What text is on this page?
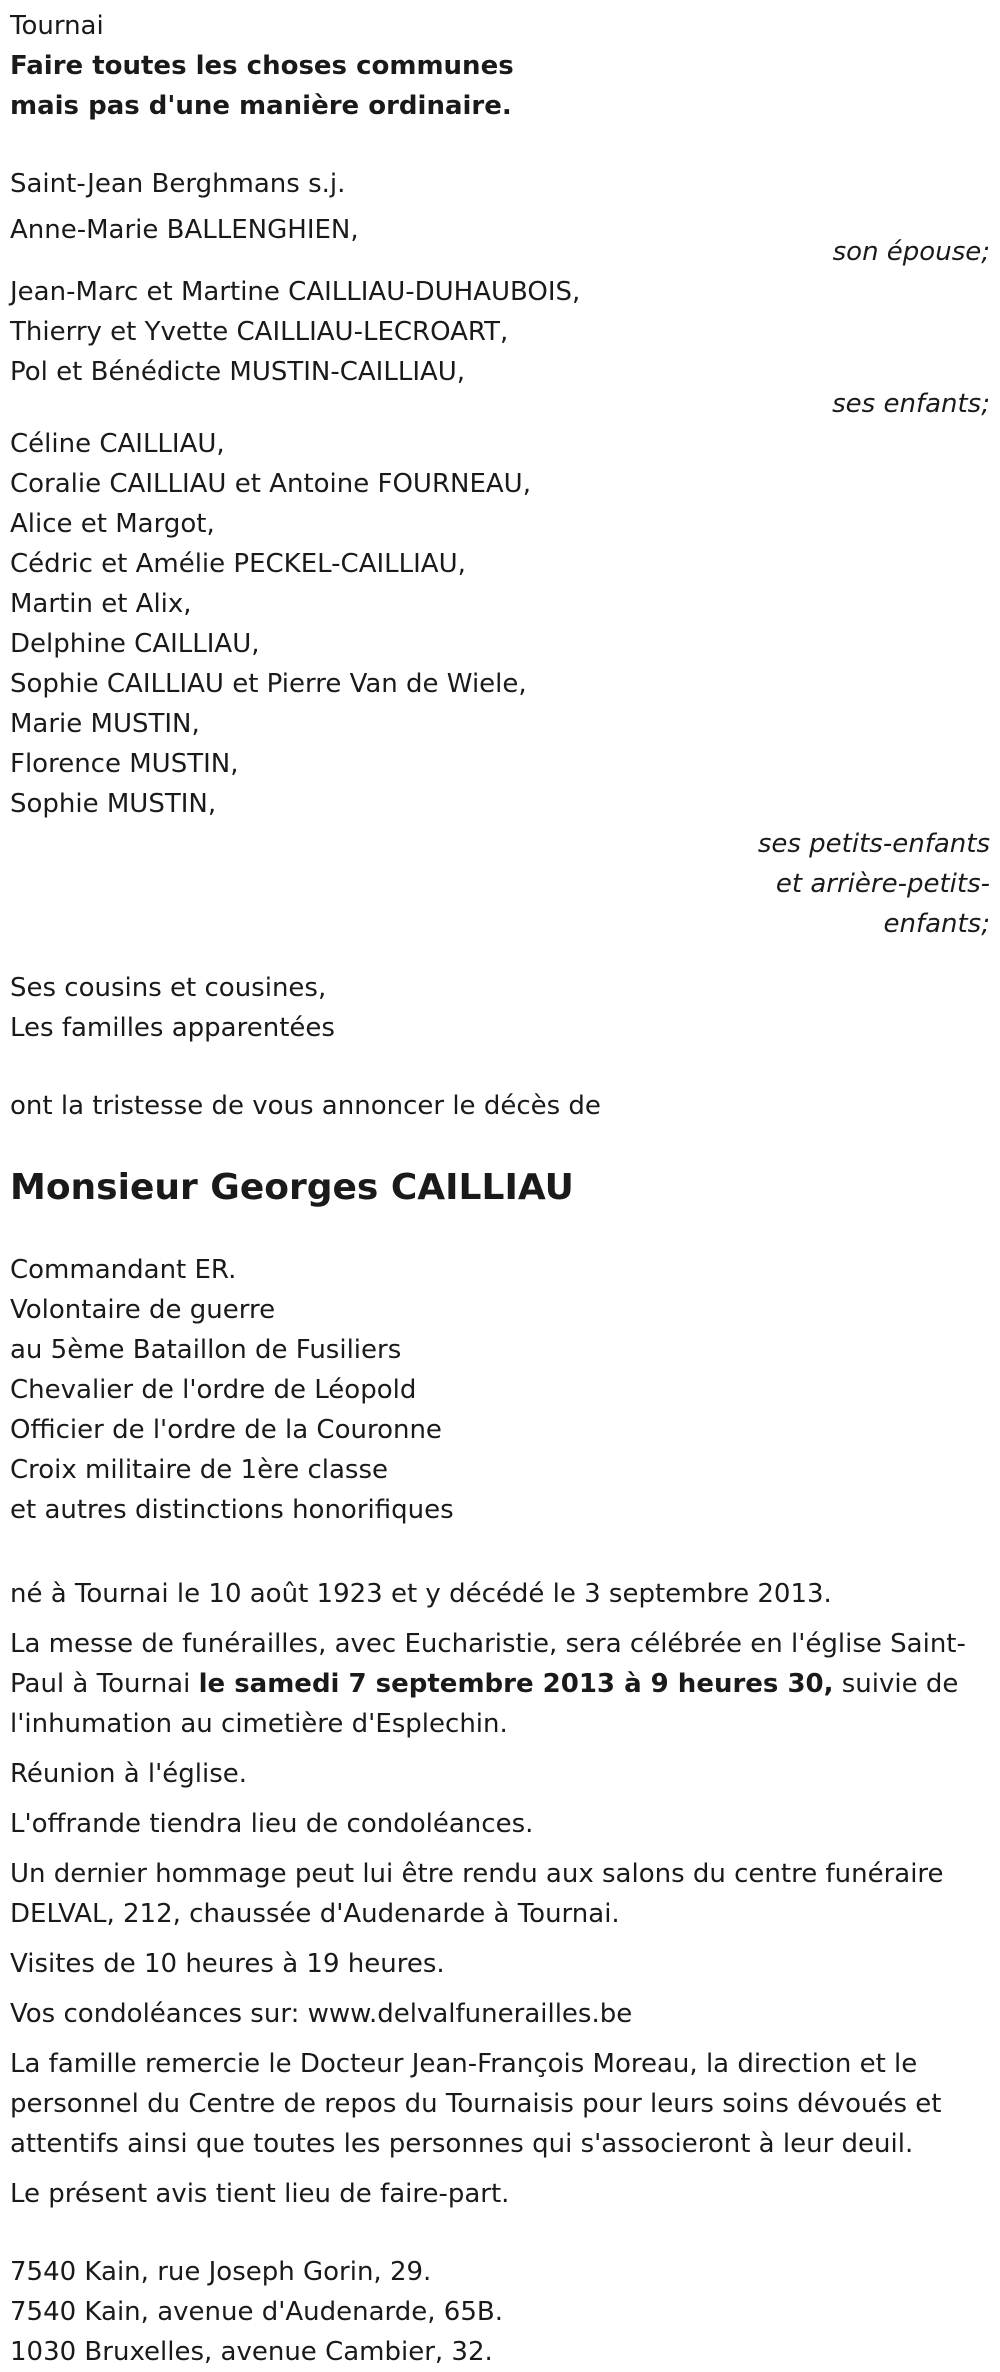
Tournai
Faire toutes les choses communes
mais pas d'une manière ordinaire.
Saint-Jean Berghmans s.j.
Anne-Marie BALLENGHIEN,
son épouse;
Jean-Marc et Martine CAILLIAU-DUHAUBOIS,
Thierry et Yvette CAILLIAU-LECROART,
Pol et Bénédicte MUSTIN-CAILLIAU,
ses enfants;
Céline CAILLIAU,
Coralie CAILLIAU et Antoine FOURNEAU,
Alice et Margot,
Cédric et Amélie PECKEL-CAILLIAU,
Martin et Alix,
Delphine CAILLIAU,
Sophie CAILLIAU et Pierre Van de Wiele,
Marie MUSTIN,
Florence MUSTIN,
Sophie MUSTIN,
ses petits-enfants
et arrière-petits-
enfants;
Ses cousins et cousines,
Les familles apparentées
ont la tristesse de vous annoncer le décès de
Monsieur Georges CAILLIAU
Commandant ER.
Volontaire de guerre
au 5ème Bataillon de Fusiliers
Chevalier de l'ordre de Léopold
Officier de l'ordre de la Couronne
Croix militaire de 1ère classe
et autres distinctions honorifiques
né à Tournai le 10 août 1923 et y décédé le 3 septembre 2013.
La messe de funérailles, avec Eucharistie, sera célébrée en l'église Saint-Paul à Tournai le samedi 7 septembre 2013 à 9 heures 30, suivie de l'inhumation au cimetière d'Esplechin.
Réunion à l'église.
L'offrande tiendra lieu de condoléances.
Un dernier hommage peut lui être rendu aux salons du centre funéraire DELVAL, 212, chaussée d'Audenarde à Tournai.
Visites de 10 heures à 19 heures.
Vos condoléances sur: www.delvalfunerailles.be
La famille remercie le Docteur Jean-François Moreau, la direction et le personnel du Centre de repos du Tournaisis pour leurs soins dévoués et attentifs ainsi que toutes les personnes qui s'associeront à leur deuil.
Le présent avis tient lieu de faire-part.
7540 Kain, rue Joseph Gorin, 29.
7540 Kain, avenue d'Audenarde, 65B.
1030 Bruxelles, avenue Cambier, 32.
